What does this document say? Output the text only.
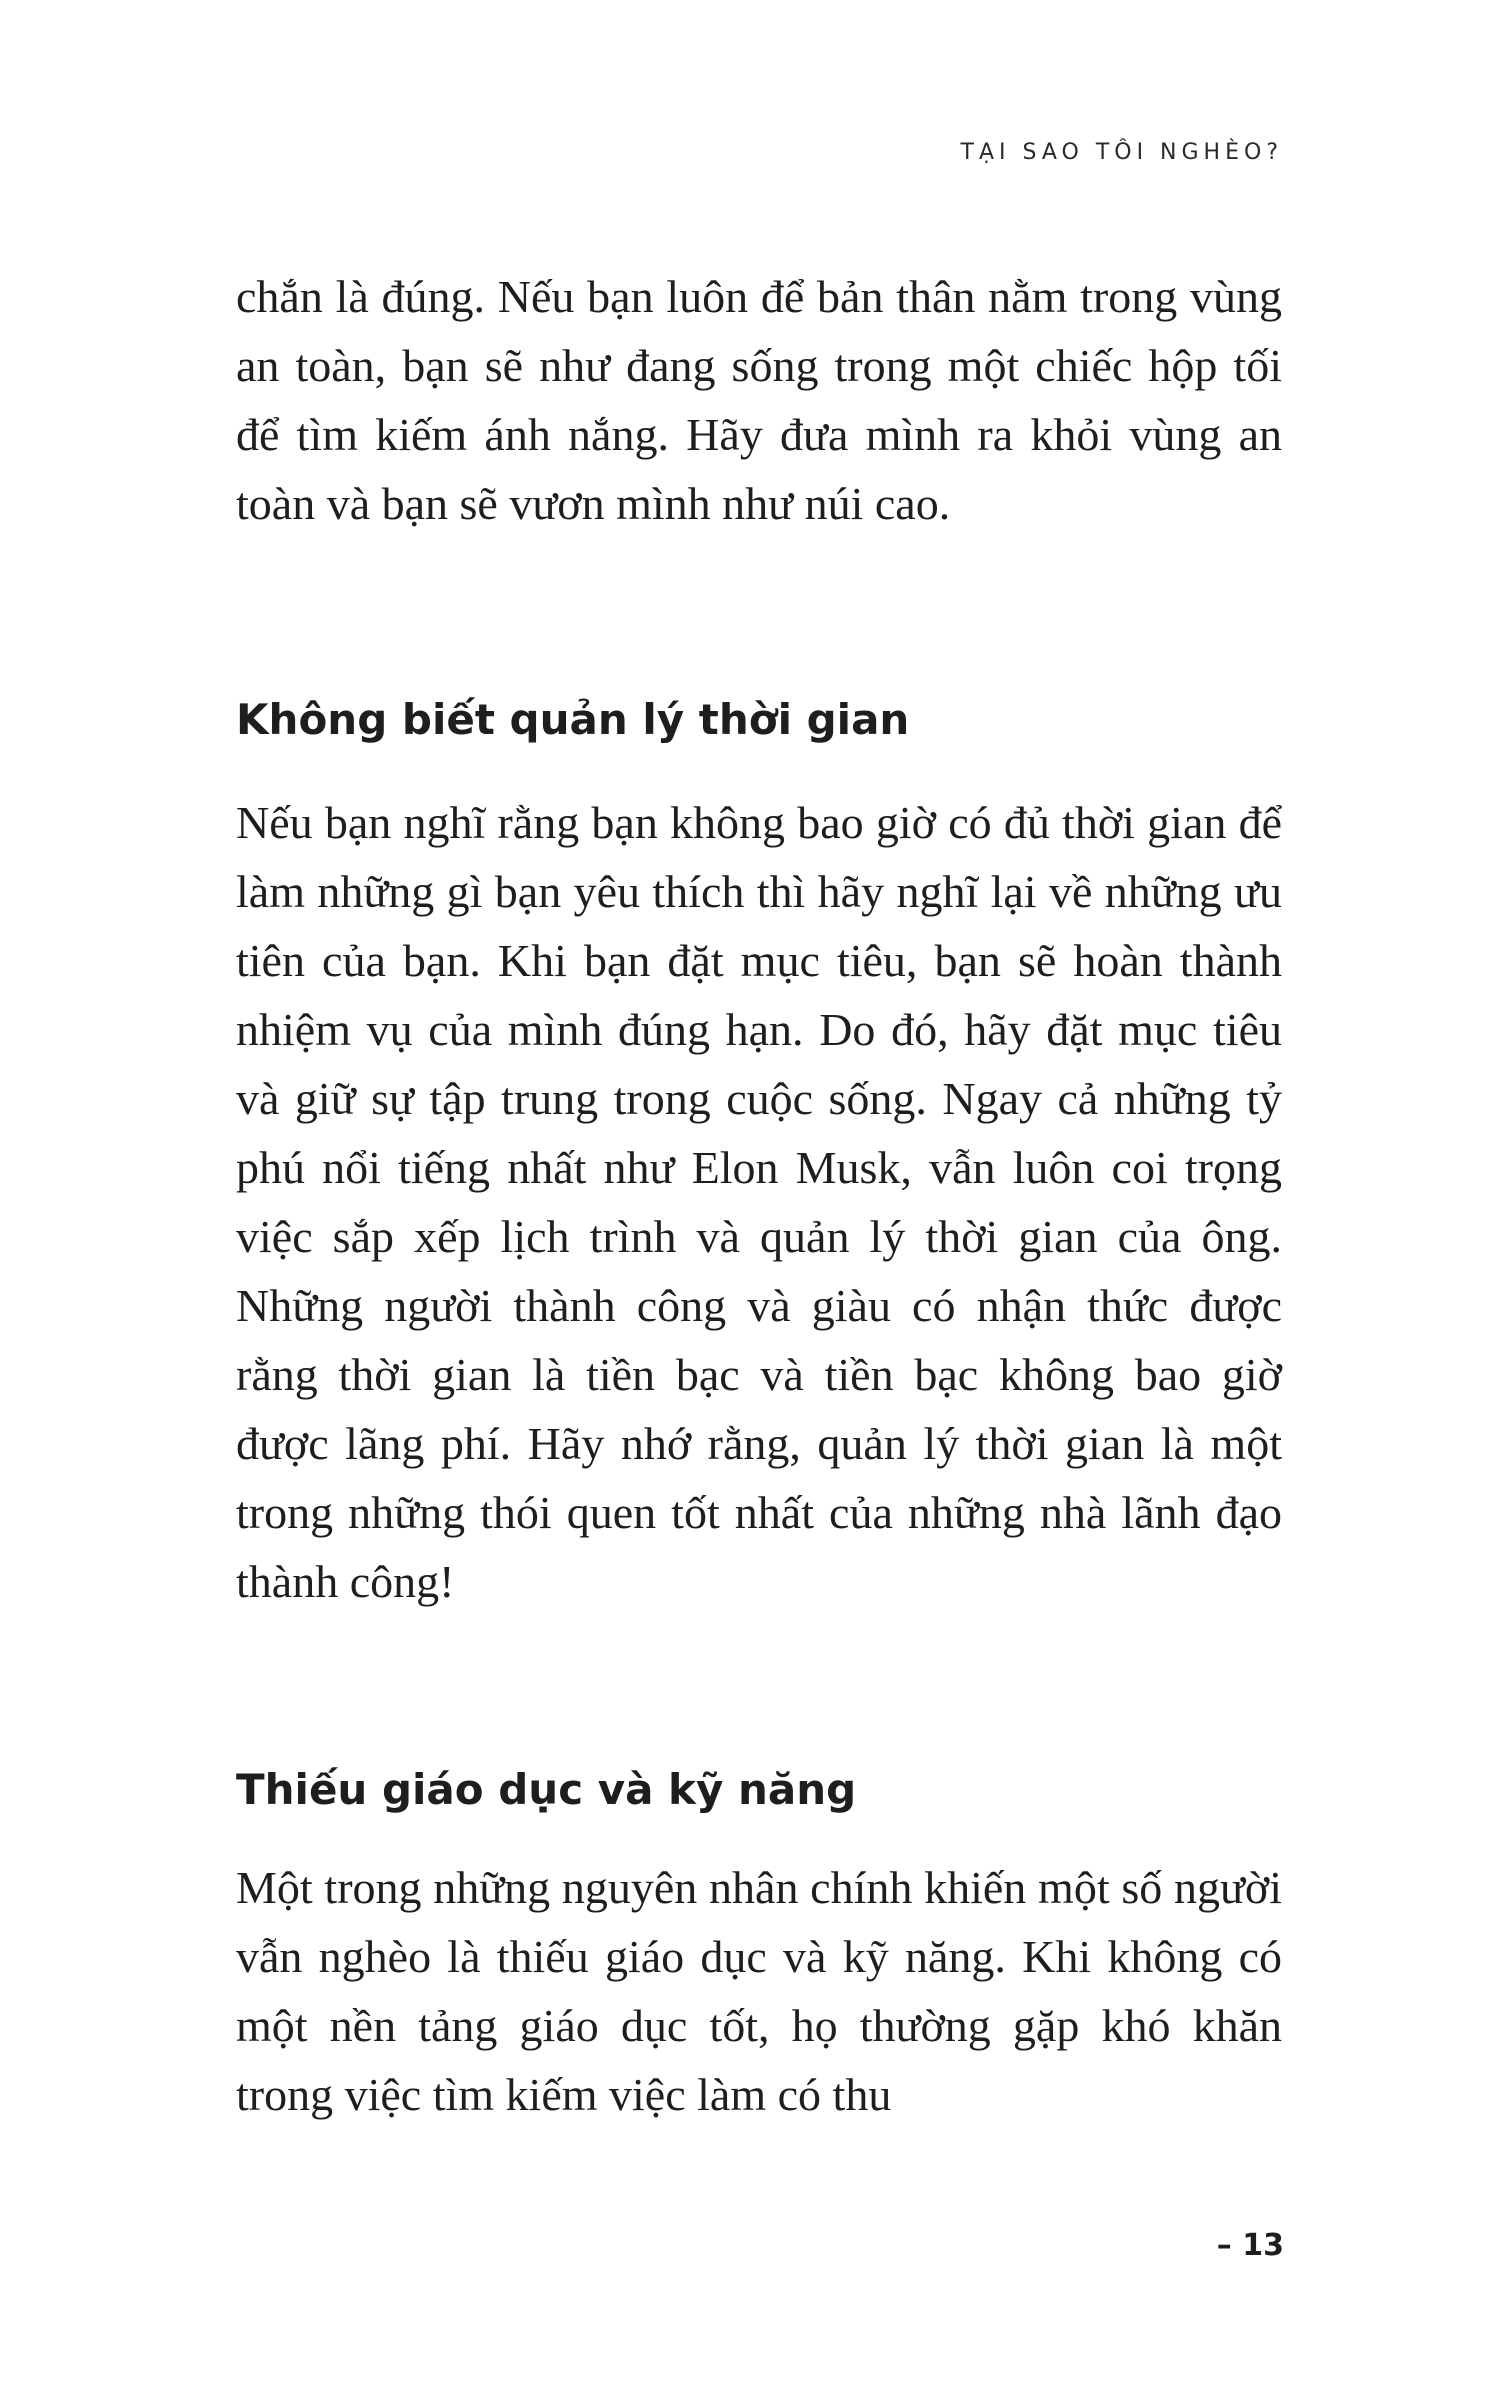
TẠI SAO TÔI NGHÈO?

chắn là đúng. Nếu bạn luôn để bản thân nằm trong vùng an toàn, bạn sẽ như đang sống trong một chiếc hộp tối để tìm kiếm ánh nắng. Hãy đưa mình ra khỏi vùng an toàn và bạn sẽ vươn mình như núi cao.

Không biết quản lý thời gian

Nếu bạn nghĩ rằng bạn không bao giờ có đủ thời gian để làm những gì bạn yêu thích thì hãy nghĩ lại về những ưu tiên của bạn. Khi bạn đặt mục tiêu, bạn sẽ hoàn thành nhiệm vụ của mình đúng hạn. Do đó, hãy đặt mục tiêu và giữ sự tập trung trong cuộc sống. Ngay cả những tỷ phú nổi tiếng nhất như Elon Musk, vẫn luôn coi trọng việc sắp xếp lịch trình và quản lý thời gian của ông. Những người thành công và giàu có nhận thức được rằng thời gian là tiền bạc và tiền bạc không bao giờ được lãng phí. Hãy nhớ rằng, quản lý thời gian là một trong những thói quen tốt nhất của những nhà lãnh đạo thành công!

Thiếu giáo dục và kỹ năng

Một trong những nguyên nhân chính khiến một số người vẫn nghèo là thiếu giáo dục và kỹ năng. Khi không có một nền tảng giáo dục tốt, họ thường gặp khó khăn trong việc tìm kiếm việc làm có thu

– 13
